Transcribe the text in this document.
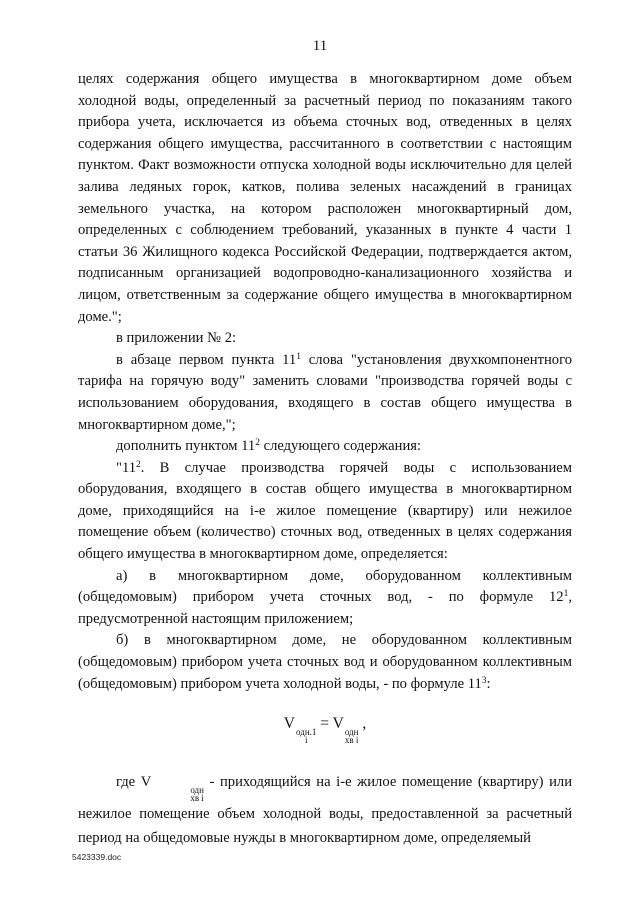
11

целях содержания общего имущества в многоквартирном доме объем холодной воды, определенный за расчетный период по показаниям такого прибора учета, исключается из объема сточных вод, отведенных в целях содержания общего имущества, рассчитанного в соответствии с настоящим пунктом. Факт возможности отпуска холодной воды исключительно для целей залива ледяных горок, катков, полива зеленых насаждений в границах земельного участка, на котором расположен многоквартирный дом, определенных с соблюдением требований, указанных в пункте 4 части 1 статьи 36 Жилищного кодекса Российской Федерации, подтверждается актом, подписанным организацией водопроводно-канализационного хозяйства и лицом, ответственным за содержание общего имущества в многоквартирном доме.";

в приложении № 2:

в абзаце первом пункта $11^1$ слова "установления двухкомпонентного тарифа на горячую воду" заменить словами "производства горячей воды с использованием оборудования, входящего в состав общего имущества в многоквартирном доме,";

дополнить пунктом $11^2$ следующего содержания:

"$11^2$. В случае производства горячей воды с использованием оборудования, входящего в состав общего имущества в многоквартирном доме, приходящийся на i-е жилое помещение (квартиру) или нежилое помещение объем (количество) сточных вод, отведенных в целях содержания общего имущества в многоквартирном доме, определяется:

а) в многоквартирном доме, оборудованном коллективным (общедомовым) прибором учета сточных вод, - по формуле $12^1$, предусмотренной настоящим приложением;

б) в многоквартирном доме, не оборудованном коллективным (общедомовым) прибором учета сточных вод и оборудованном коллективным (общедомовым) прибором учета холодной воды, - по формуле $11^3$:

V одн.1
i
= V одн
хв i
,

где V	одн
хв i
- приходящийся на i-е жилое помещение (квартиру) или нежилое помещение объем холодной воды, предоставленной за расчетный период на общедомовые нужды в многоквартирном доме, определяемый

5423339.doc
